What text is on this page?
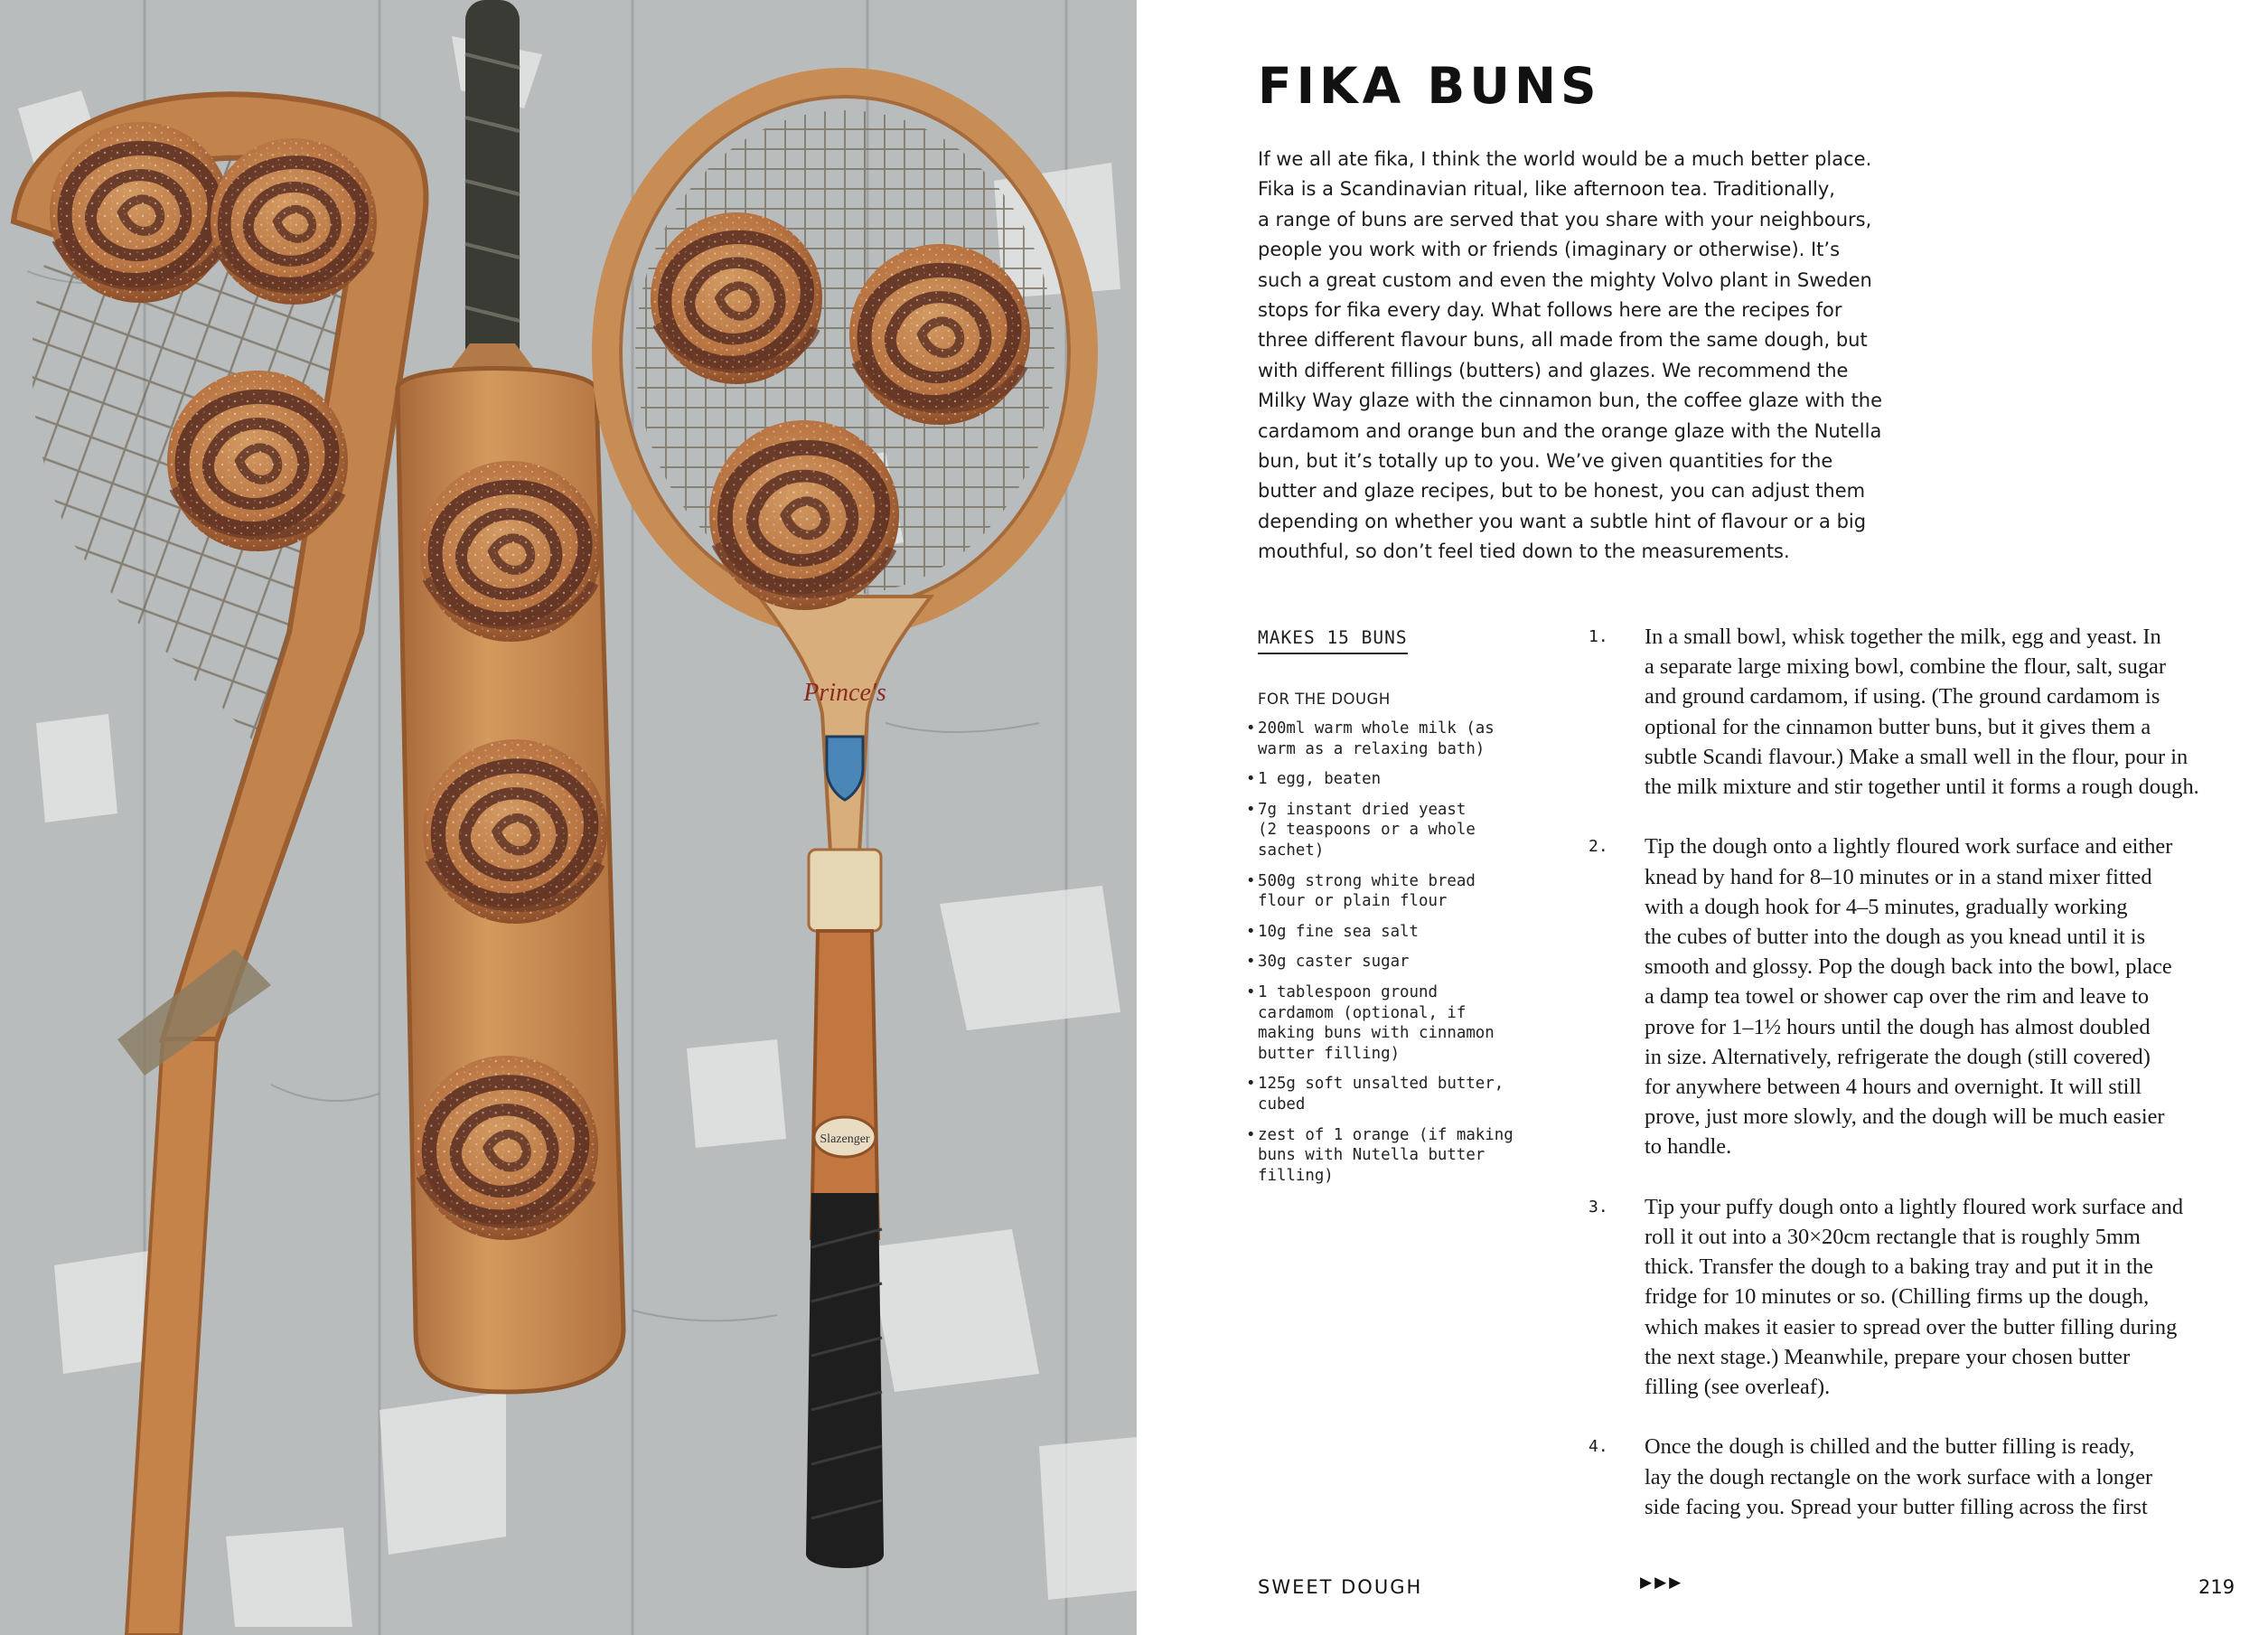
Slazenger
Prince's
FIKA BUNS

If we all ate fika, I think the world would be a much better place.
Fika is a Scandinavian ritual, like afternoon tea. Traditionally,
a range of buns are served that you share with your neighbours,
people you work with or friends (imaginary or otherwise). It’s
such a great custom and even the mighty Volvo plant in Sweden
stops for fika every day. What follows here are the recipes for
three different flavour buns, all made from the same dough, but
with different fillings (butters) and glazes. We recommend the
Milky Way glaze with the cinnamon bun, the coffee glaze with the
cardamom and orange bun and the orange glaze with the Nutella
bun, but it’s totally up to you. We’ve given quantities for the
butter and glaze recipes, but to be honest, you can adjust them
depending on whether you want a subtle hint of flavour or a big
mouthful, so don’t feel tied down to the measurements.

MAKES 15 BUNS
FOR THE DOUGH
• 200ml warm whole milk (as
warm as a relaxing bath)
• 1 egg, beaten
• 7g instant dried yeast
(2 teaspoons or a whole
sachet)
• 500g strong white bread
flour or plain flour
• 10g fine sea salt
• 30g caster sugar
• 1 tablespoon ground
cardamom (optional, if
making buns with cinnamon
butter filling)
• 125g soft unsalted butter,
cubed
• zest of 1 orange (if making
buns with Nutella butter
filling)
1. In a small bowl, whisk together the milk, egg and yeast. In
a separate large mixing bowl, combine the flour, salt, sugar
and ground cardamom, if using. (The ground cardamom is
optional for the cinnamon butter buns, but it gives them a
subtle Scandi flavour.) Make a small well in the flour, pour in
the milk mixture and stir together until it forms a rough dough.
2. Tip the dough onto a lightly floured work surface and either
knead by hand for 8–10 minutes or in a stand mixer fitted
with a dough hook for 4–5 minutes, gradually working
the cubes of butter into the dough as you knead until it is
smooth and glossy. Pop the dough back into the bowl, place
a damp tea towel or shower cap over the rim and leave to
prove for 1–1½ hours until the dough has almost doubled
in size. Alternatively, refrigerate the dough (still covered)
for anywhere between 4 hours and overnight. It will still
prove, just more slowly, and the dough will be much easier
to handle.
3. Tip your puffy dough onto a lightly floured work surface and
roll it out into a 30×20cm rectangle that is roughly 5mm
thick. Transfer the dough to a baking tray and put it in the
fridge for 10 minutes or so. (Chilling firms up the dough,
which makes it easier to spread over the butter filling during
the next stage.) Meanwhile, prepare your chosen butter
filling (see overleaf).
4. Once the dough is chilled and the butter filling is ready,
lay the dough rectangle on the work surface with a longer
side facing you. Spread your butter filling across the first
SWEET DOUGH	▶▶▶	219
